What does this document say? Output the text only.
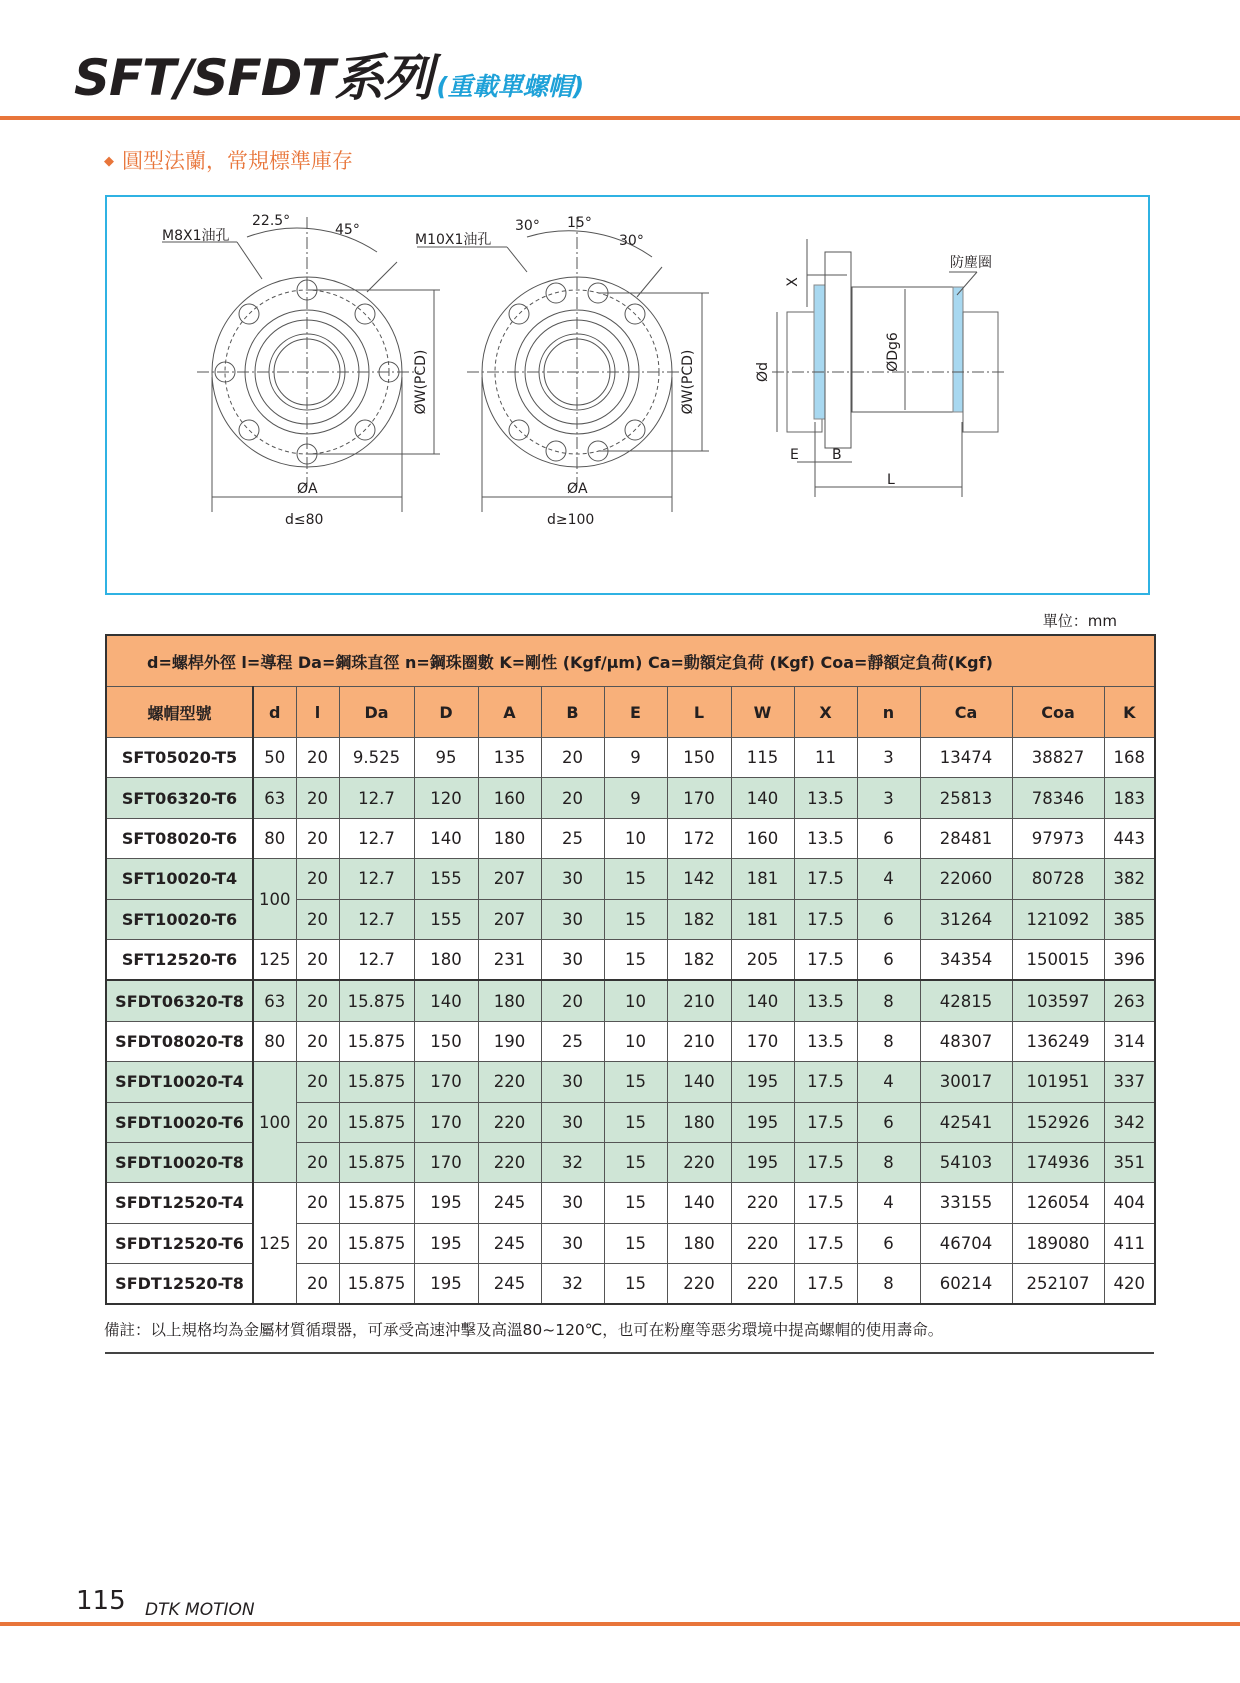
SFT/SFDT系列 (重載單螺帽)
◆ 圓型法蘭，常規標準庫存
M8X1油孔
22.5°
45°
ØW(PCD)
ØA
d≤80
M10X1油孔
30° 15°
30°
ØW(PCD)
ØA
d≥100
X
Ød
ØDg6
防塵圈
E B
L
單位：mm
d=螺桿外徑 l=導程 Da=鋼珠直徑 n=鋼珠圈數 K=剛性 (Kgf/μm) Ca=動額定負荷 (Kgf) Coa=靜額定負荷(Kgf)														
螺帽型號	d	l	Da	D	A	B	E	L	W	X	n	Ca	Coa	K
SFT05020-T5	50	20	9.525	95	135	20	9	150	115	11	3	13474	38827	168
SFT06320-T6	63	20	12.7	120	160	20	9	170	140	13.5	3	25813	78346	183
SFT08020-T6	80	20	12.7	140	180	25	10	172	160	13.5	6	28481	97973	443
SFT10020-T4	100	20	12.7	155	207	30	15	142	181	17.5	4	22060	80728	382
SFT10020-T6		20	12.7	155	207	30	15	182	181	17.5	6	31264	121092	385
SFT12520-T6	125	20	12.7	180	231	30	15	182	205	17.5	6	34354	150015	396
SFDT06320-T8	63	20	15.875	140	180	20	10	210	140	13.5	8	42815	103597	263
SFDT08020-T8	80	20	15.875	150	190	25	10	210	170	13.5	8	48307	136249	314
SFDT10020-T4	100	20	15.875	170	220	30	15	140	195	17.5	4	30017	101951	337
SFDT10020-T6		20	15.875	170	220	30	15	180	195	17.5	6	42541	152926	342
SFDT10020-T8		20	15.875	170	220	32	15	220	195	17.5	8	54103	174936	351
SFDT12520-T4	125	20	15.875	195	245	30	15	140	220	17.5	4	33155	126054	404
SFDT12520-T6		20	15.875	195	245	30	15	180	220	17.5	6	46704	189080	411
SFDT12520-T8		20	15.875	195	245	32	15	220	220	17.5	8	60214	252107	420
備註：以上規格均為金屬材質循環器，可承受高速沖擊及高溫80~120℃，也可在粉塵等惡劣環境中提高螺帽的使用壽命。
115 DTK MOTION
